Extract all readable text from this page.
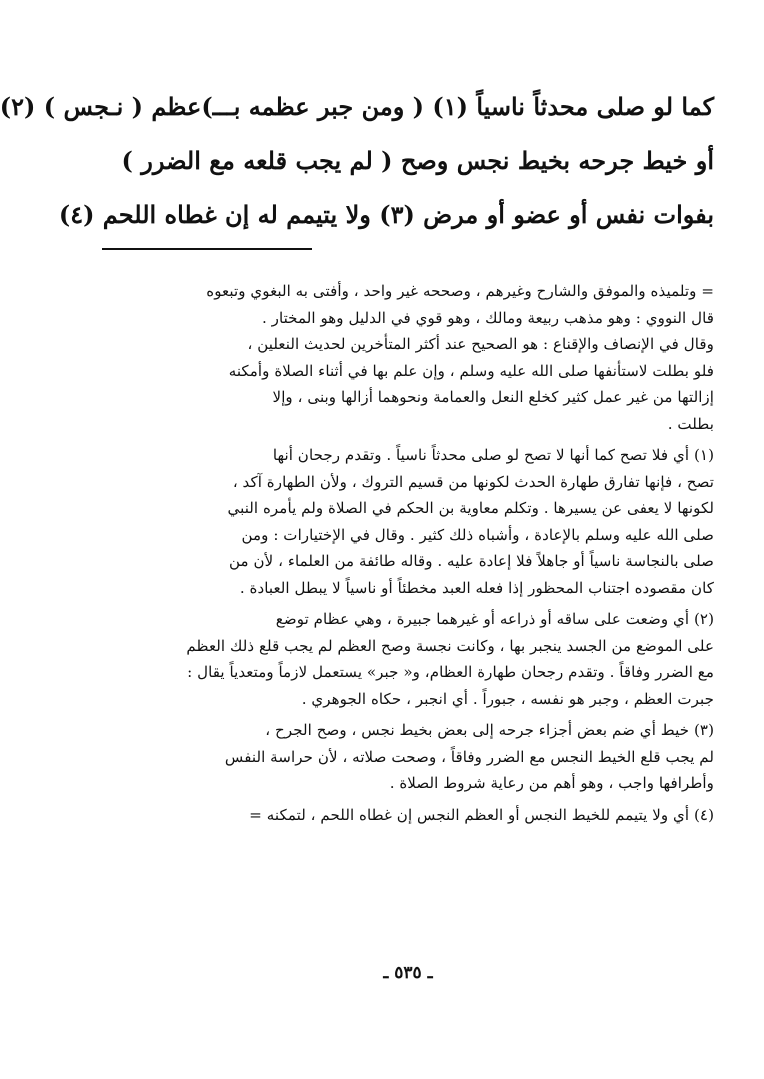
كما لو صلى محدثاً ناسياً (١) ( ومن جبر عظمه بـــ)عظم ( نـجس ) (٢)
أو خيط جرحه بخيط نجس وصح ( لم يجب قلعه مع الضرر )
بفوات نفس أو عضو أو مرض (٣) ولا يتيمم له إن غطاه اللحم (٤)
= وتلميذه والموفق والشارح وغيرهم ، وصححه غير واحد ، وأفتى به البغوي وتبعوه
قال النووي : وهو مذهب ربيعة ومالك ، وهو قوي في الدليل وهو المختار .
وقال في الإنصاف والإقناع : هو الصحيح عند أكثر المتأخرين لحديث النعلين ،
فلو بطلت لاستأنفها صلى الله عليه وسلم ، وإن علم بها في أثناء الصلاة وأمكنه
إزالتها من غير عمل كثير كخلع النعل والعمامة ونحوهما أزالها وبنى ، وإلا
بطلت .
(١) أي فلا تصح كما أنها لا تصح لو صلى محدثاً ناسياً . وتقدم رجحان أنها
تصح ، فإنها تفارق طهارة الحدث لكونها من قسيم التروك ، ولأن الطهارة آكد ،
لكونها لا يعفى عن يسيرها . وتكلم معاوية بن الحكم في الصلاة ولم يأمره النبي
صلى الله عليه وسلم بالإعادة ، وأشباه ذلك كثير . وقال في الإختيارات : ومن
صلى بالنجاسة ناسياً أو جاهلاً فلا إعادة عليه . وقاله طائفة من العلماء ، لأن من
كان مقصوده اجتناب المحظور إذا فعله العبد مخطئاً أو ناسياً لا يبطل العبادة .
(٢) أي وضعت على ساقه أو ذراعه أو غيرهما جبيرة ، وهي عظام توضع
على الموضع من الجسد ينجبر بها ، وكانت نجسة وصح العظم لم يجب قلع ذلك العظم
مع الضرر وفاقاً . وتقدم رجحان طهارة العظام، و« جبر» يستعمل لازماً ومتعدياً يقال :
جبرت العظم ، وجبر هو نفسه ، جبوراً . أي انجبر ، حكاه الجوهري .
(٣) خيط أي ضم بعض أجزاء جرحه إلى بعض بخيط نجس ، وصح الجرح ،
لم يجب قلع الخيط النجس مع الضرر وفاقاً ، وصحت صلاته ، لأن حراسة النفس
وأطرافها واجب ، وهو أهم من رعاية شروط الصلاة .
(٤) أي ولا يتيمم للخيط النجس أو العظم النجس إن غطاه اللحم ، لتمكنه =
ـ ٥٣٥ ـ
